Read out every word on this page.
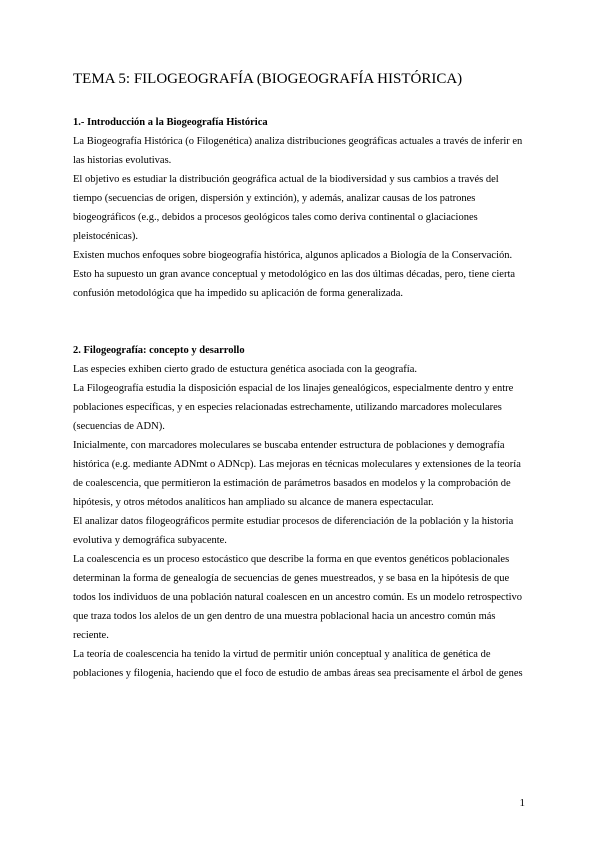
TEMA 5: FILOGEOGRAFÍA (BIOGEOGRAFÍA HISTÓRICA)

1.- Introducción a la Biogeografía Histórica

La Biogeografía Histórica (o Filogenética) analiza distribuciones geográficas actuales a través de inferir en las historias evolutivas.

El objetivo es estudiar la distribución geográfica actual de la biodiversidad y sus cambios a través del tiempo (secuencias de origen, dispersión y extinción), y además, analizar causas de los patrones biogeográficos (e.g., debidos a procesos geológicos tales como deriva continental o glaciaciones pleistocénicas).

Existen muchos enfoques sobre biogeografía histórica, algunos aplicados a Biología de la Conservación. Esto ha supuesto un gran avance conceptual y metodológico en las dos últimas décadas, pero, tiene cierta confusión metodológica que ha impedido su aplicación de forma generalizada.

2. Filogeografía: concepto y desarrollo

Las especies exhiben cierto grado de estuctura genética asociada con la geografía.

La Filogeografía estudia la disposición espacial de los linajes genealógicos, especialmente dentro y entre poblaciones específicas, y en especies relacionadas estrechamente, utilizando marcadores moleculares (secuencias de ADN).

Inicialmente, con marcadores moleculares se buscaba entender estructura de poblaciones y demografía histórica (e.g. mediante ADNmt o ADNcp). Las mejoras en técnicas moleculares y extensiones de la teoría de coalescencia, que permitieron la estimación de parámetros basados en modelos y la comprobación de hipótesis, y otros métodos analíticos han ampliado su alcance de manera espectacular.

El analizar datos filogeográficos permite estudiar procesos de diferenciación de la población y la historia evolutiva y demográfica subyacente.

La coalescencia es un proceso estocástico que describe la forma en que eventos genéticos poblacionales determinan la forma de genealogía de secuencias de genes muestreados, y se basa en la hipótesis de que todos los individuos de una población natural coalescen en un ancestro común. Es un modelo retrospectivo que traza todos los alelos de un gen dentro de una muestra poblacional hacia un ancestro común más reciente.

La teoría de coalescencia ha tenido la virtud de permitir unión conceptual y analítica de genética de poblaciones y filogenia, haciendo que el foco de estudio de ambas áreas sea precisamente el árbol de genes

1
